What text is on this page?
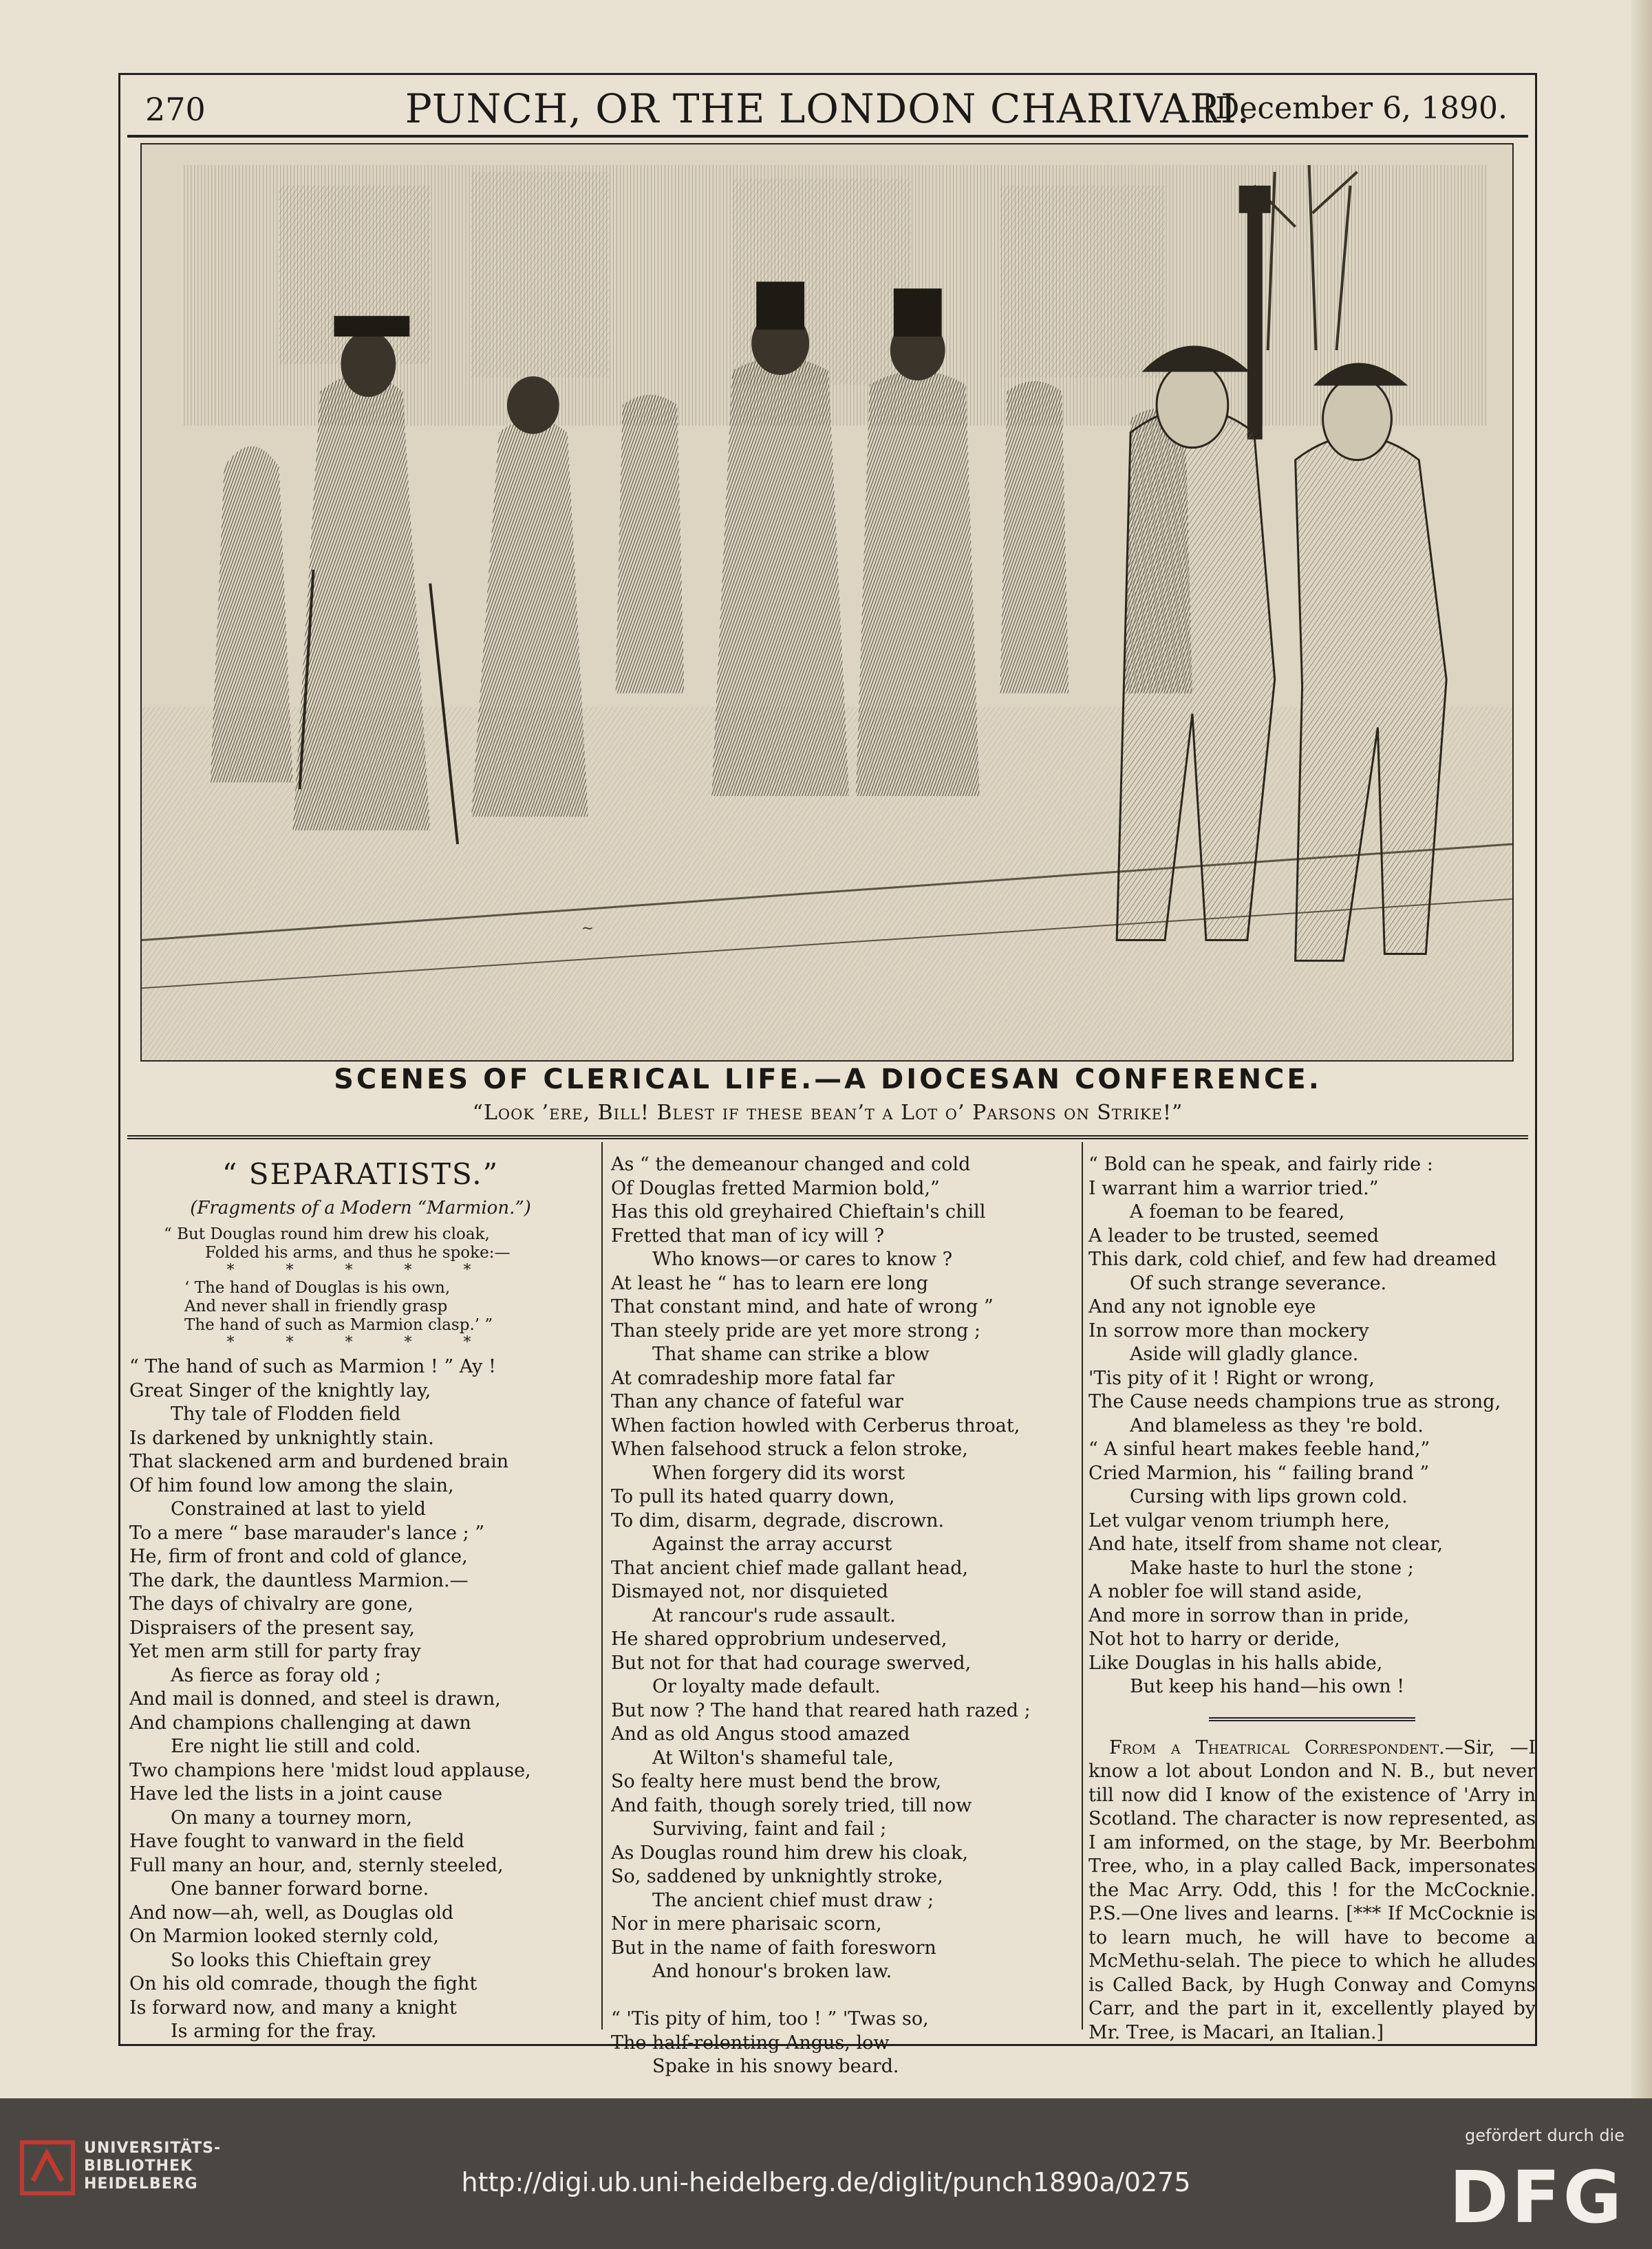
270	PUNCH, OR THE LONDON CHARIVARI.
[December 6, 1890.
~
SCENES OF CLERICAL LIFE.—A DIOCESAN CONFERENCE.
“Look ’ere, Bill! Blest if these bean’t a Lot o’ Parsons on Strike!”
“ SEPARATISTS.”
(Fragments of a Modern “Marmion.”)
“ But Douglas round him drew his cloak,
Folded his arms, and thus he spoke:—
* * * * *
‘ The hand of Douglas is his own,
And never shall in friendly grasp
The hand of such as Marmion clasp.’ ”
* * * * *
“ The hand of such as Marmion ! ” Ay !
Great Singer of the knightly lay,
Thy tale of Flodden field
Is darkened by unknightly stain.
That slackened arm and burdened brain
Of him found low among the slain,
Constrained at last to yield
To a mere “ base marauder's lance ; ”
He, firm of front and cold of glance,
The dark, the dauntless Marmion.—
The days of chivalry are gone,
Dispraisers of the present say,
Yet men arm still for party fray
As fierce as foray old ;
And mail is donned, and steel is drawn,
And champions challenging at dawn
Ere night lie still and cold.
Two champions here 'midst loud applause,
Have led the lists in a joint cause
On many a tourney morn,
Have fought to vanward in the field
Full many an hour, and, sternly steeled,
One banner forward borne.
And now—ah, well, as Douglas old
On Marmion looked sternly cold,
So looks this Chieftain grey
On his old comrade, though the fight
Is forward now, and many a knight
Is arming for the fray.
As “ the demeanour changed and cold
Of Douglas fretted Marmion bold,”
Has this old greyhaired Chieftain's chill
Fretted that man of icy will ?
Who knows—or cares to know ?
At least he “ has to learn ere long
That constant mind, and hate of wrong ”
Than steely pride are yet more strong ;
That shame can strike a blow
At comradeship more fatal far
Than any chance of fateful war
When faction howled with Cerberus throat,
When falsehood struck a felon stroke,
When forgery did its worst
To pull its hated quarry down,
To dim, disarm, degrade, discrown.
Against the array accurst
That ancient chief made gallant head,
Dismayed not, nor disquieted
At rancour's rude assault.
He shared opprobrium undeserved,
But not for that had courage swerved,
Or loyalty made default.
But now ? The hand that reared hath razed ;
And as old Angus stood amazed
At Wilton's shameful tale,
So fealty here must bend the brow,
And faith, though sorely tried, till now
Surviving, faint and fail ;
As Douglas round him drew his cloak,
So, saddened by unknightly stroke,
The ancient chief must draw ;
Nor in mere pharisaic scorn,
But in the name of faith foresworn
And honour's broken law.

“ 'Tis pity of him, too ! ” 'Twas so,
The half-relenting Angus, low
Spake in his snowy beard.
“ Bold can he speak, and fairly ride :
I warrant him a warrior tried.”
A foeman to be feared,
A leader to be trusted, seemed
This dark, cold chief, and few had dreamed
Of such strange severance.
And any not ignoble eye
In sorrow more than mockery
Aside will gladly glance.
'Tis pity of it ! Right or wrong,
The Cause needs champions true as strong,
And blameless as they 're bold.
“ A sinful heart makes feeble hand,”
Cried Marmion, his “ failing brand ”
Cursing with lips grown cold.
Let vulgar venom triumph here,
And hate, itself from shame not clear,
Make haste to hurl the stone ;
A nobler foe will stand aside,
And more in sorrow than in pride,
Not hot to harry or deride,
Like Douglas in his halls abide,
But keep his hand—his own !
From a Theatrical Correspondent.—Sir, —I know a lot about London and N. B., but never till now did I know of the existence of 'Arry in Scotland. The character is now represented, as I am informed, on the stage, by Mr. Beerbohm Tree, who, in a play called Back, impersonates the Mac Arry. Odd, this ! for the McCocknie. P.S.—One lives and learns. [*** If McCocknie is to learn much, he will have to become a McMethu-selah. The piece to which he alludes is Called Back, by Hugh Conway and Comyns Carr, and the part in it, excellently played by Mr. Tree, is Macari, an Italian.]
UNIVERSITÄTS-
BIBLIOTHEK
HEIDELBERG	http://digi.ub.uni-heidelberg.de/diglit/punch1890a/0275
gefördert durch die
DFG
